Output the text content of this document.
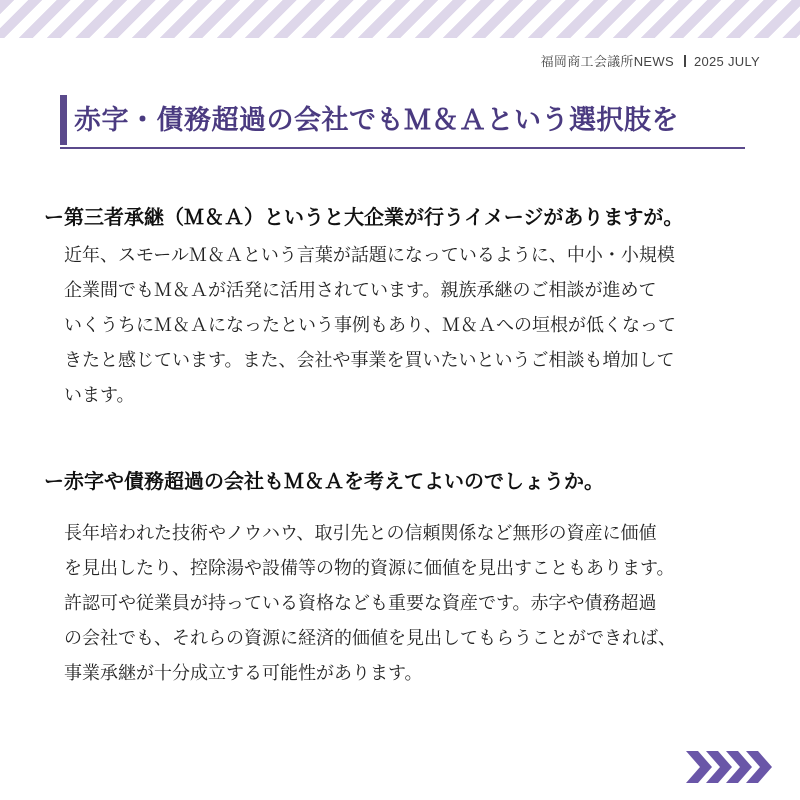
福岡商工会議所NEWS 2025 JULY
赤字・債務超過の会社でもＭ＆Ａという選択肢を
ー第三者承継（Ｍ＆Ａ）というと大企業が行うイメージがありますが。
近年、スモールＭ＆Ａという言葉が話題になっているように、中小・小規模
企業間でもＭ＆Ａが活発に活用されています。親族承継のご相談が進めて
いくうちにＭ＆Ａになったという事例もあり、Ｍ＆Ａへの垣根が低くなって
きたと感じています。また、会社や事業を買いたいというご相談も増加して
います。
ー赤字や債務超過の会社もＭ＆Ａを考えてよいのでしょうか。
長年培われた技術やノウハウ、取引先との信頼関係など無形の資産に価値
を見出したり、控除湯や設備等の物的資源に価値を見出すこともあります。
許認可や従業員が持っている資格なども重要な資産です。赤字や債務超過
の会社でも、それらの資源に経済的価値を見出してもらうことができれば、
事業承継が十分成立する可能性があります。
